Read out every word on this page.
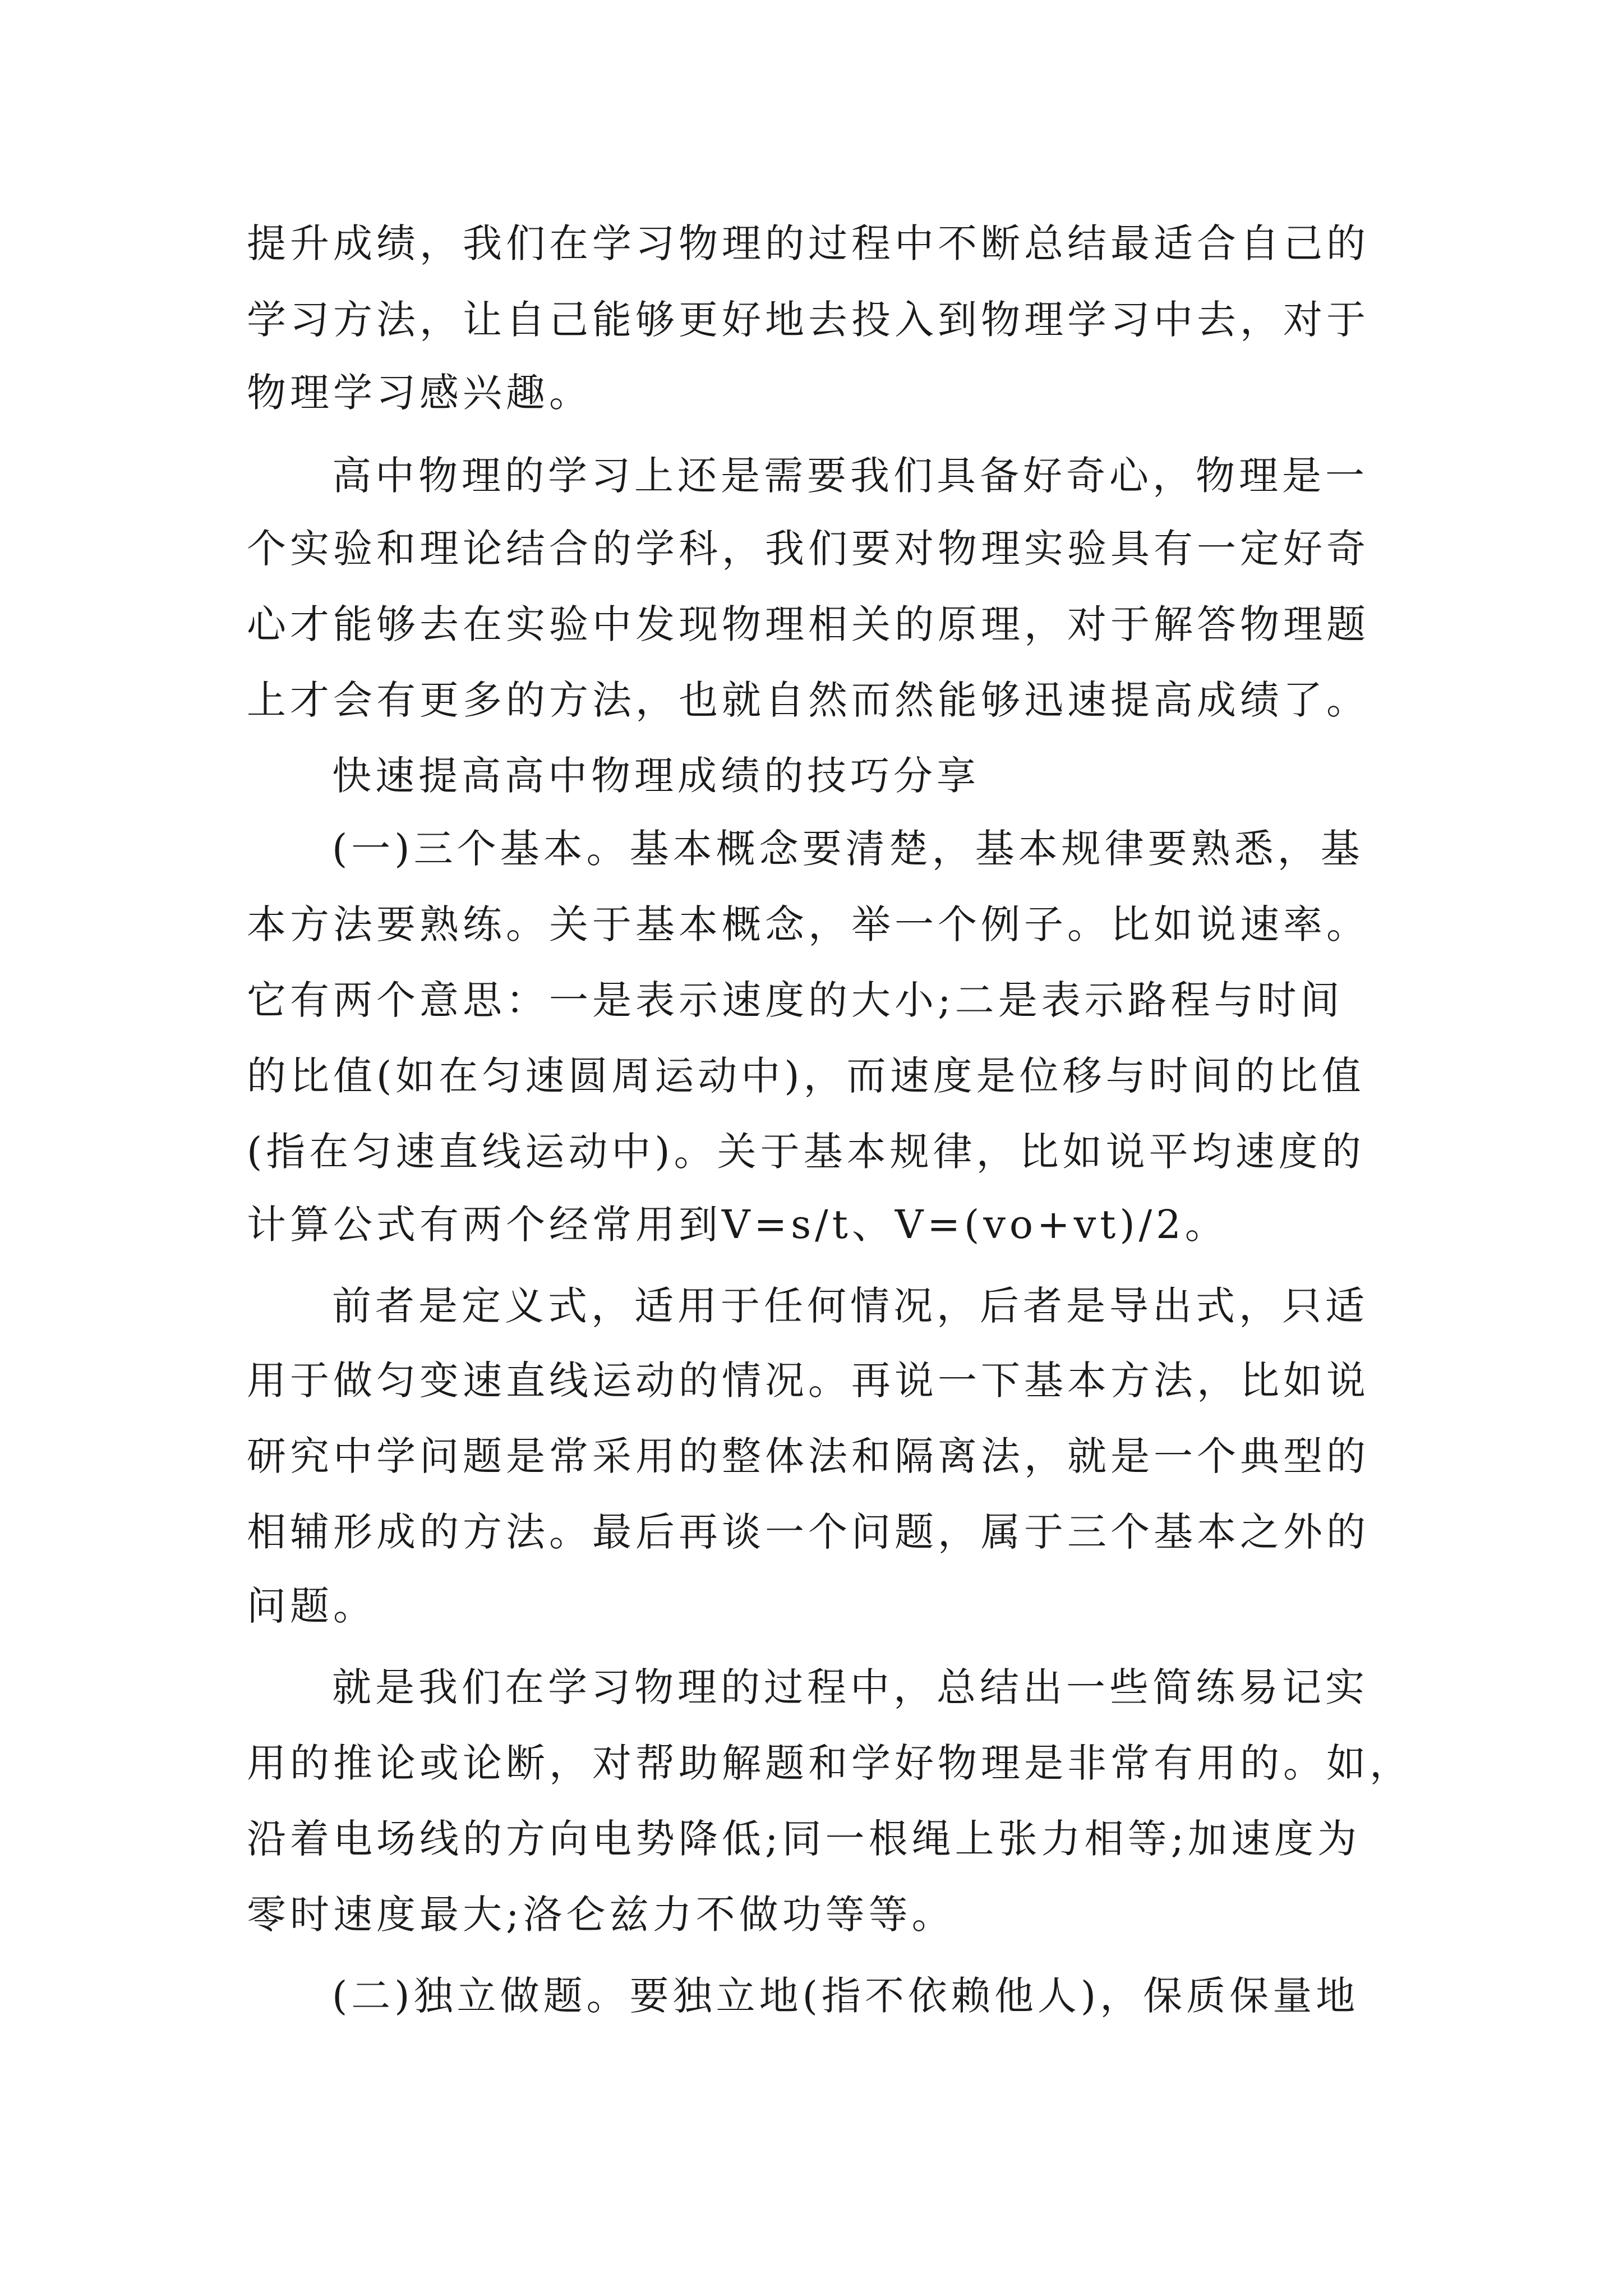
提升成绩，我们在学习物理的过程中不断总结最适合自己的
学习方法，让自己能够更好地去投入到物理学习中去，对于
物理学习感兴趣。
高中物理的学习上还是需要我们具备好奇心，物理是一
个实验和理论结合的学科，我们要对物理实验具有一定好奇
心才能够去在实验中发现物理相关的原理，对于解答物理题
上才会有更多的方法，也就自然而然能够迅速提高成绩了。
快速提高高中物理成绩的技巧分享
(一)三个基本。基本概念要清楚，基本规律要熟悉，基
本方法要熟练。关于基本概念，举一个例子。比如说速率。
它有两个意思：一是表示速度的大小;二是表示路程与时间
的比值(如在匀速圆周运动中)，而速度是位移与时间的比值
(指在匀速直线运动中)。关于基本规律，比如说平均速度的
计算公式有两个经常用到V=s/t、V=(vo+vt)/2。
前者是定义式，适用于任何情况，后者是导出式，只适
用于做匀变速直线运动的情况。再说一下基本方法，比如说
研究中学问题是常采用的整体法和隔离法，就是一个典型的
相辅形成的方法。最后再谈一个问题，属于三个基本之外的
问题。
就是我们在学习物理的过程中，总结出一些简练易记实
用的推论或论断，对帮助解题和学好物理是非常有用的。如，
沿着电场线的方向电势降低;同一根绳上张力相等;加速度为
零时速度最大;洛仑兹力不做功等等。
(二)独立做题。要独立地(指不依赖他人)，保质保量地
